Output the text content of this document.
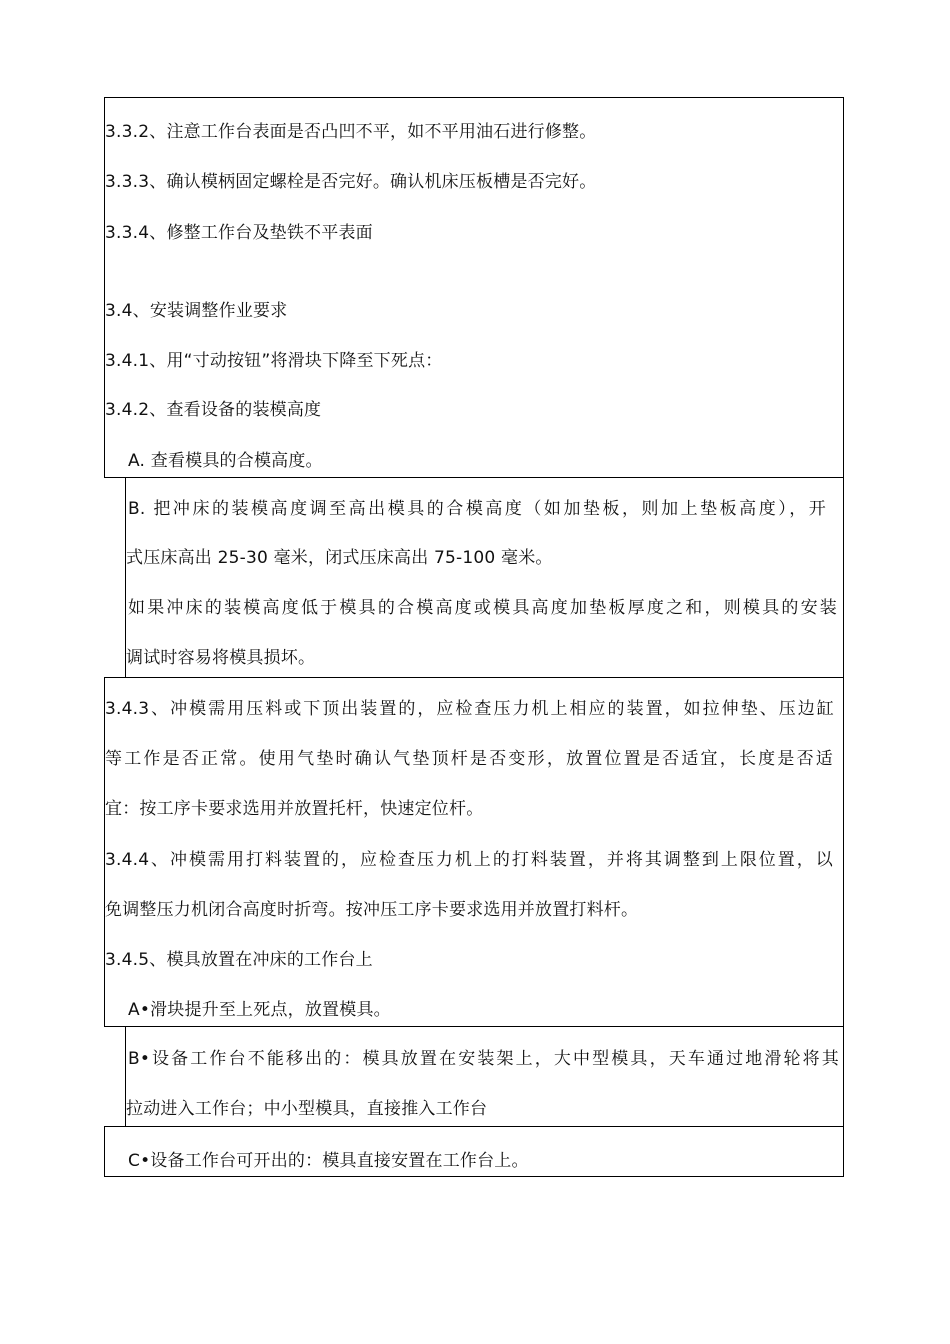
3.3.2、注意工作台表面是否凸凹不平，如不平用油石进行修整。
3.3.3、确认模柄固定螺栓是否完好。确认机床压板槽是否完好。
3.3.4、修整工作台及垫铁不平表面
3.4、安装调整作业要求
3.4.1、用“寸动按钮”将滑块下降至下死点：
3.4.2、查看设备的装模高度
A. 查看模具的合模高度。
B. 把冲床的装模高度调至高出模具的合模高度（如加垫板，则加上垫板高度），开
式压床高出 25-30 毫米，闭式压床高出 75-100 毫米。
如果冲床的装模高度低于模具的合模高度或模具高度加垫板厚度之和，则模具的安装
调试时容易将模具损坏。
3.4.3、冲模需用压料或下顶出装置的，应检查压力机上相应的装置，如拉伸垫、压边缸
等工作是否正常。使用气垫时确认气垫顶杆是否变形，放置位置是否适宜，长度是否适
宜：按工序卡要求选用并放置托杆，快速定位杆。
3.4.4、冲模需用打料装置的，应检查压力机上的打料装置，并将其调整到上限位置，以
免调整压力机闭合高度时折弯。按冲压工序卡要求选用并放置打料杆。
3.4.5、模具放置在冲床的工作台上
A•滑块提升至上死点，放置模具。
B•设备工作台不能移出的：模具放置在安装架上，大中型模具，天车通过地滑轮将其
拉动进入工作台；中小型模具，直接推入工作台
C•设备工作台可开出的：模具直接安置在工作台上。
